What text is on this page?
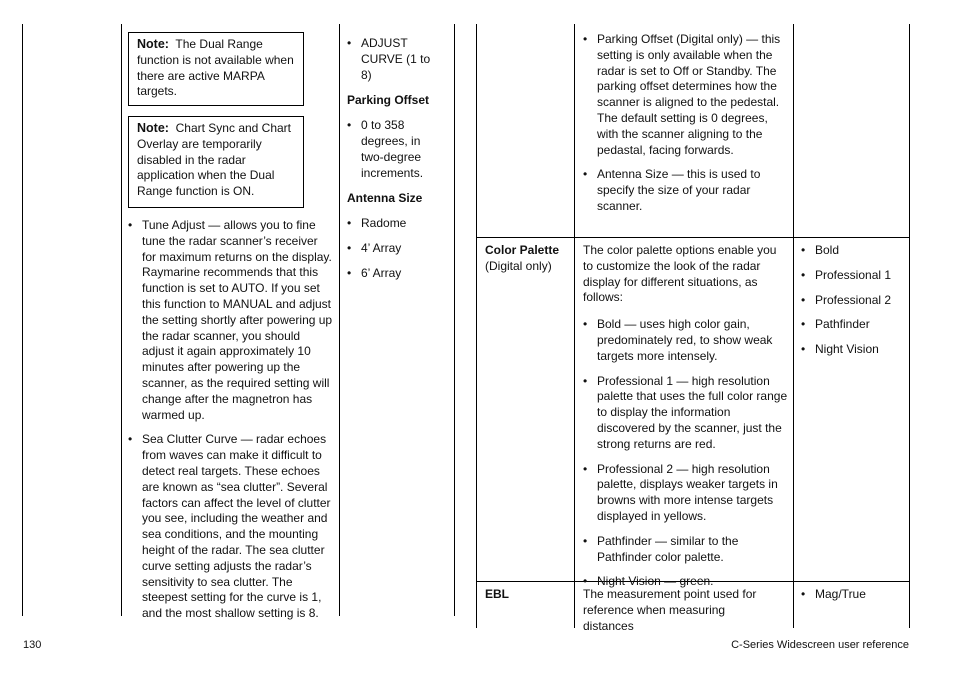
Note: The Dual Range function is not available when there are active MARPA targets.
Note: Chart Sync and Chart Overlay are temporarily disabled in the radar application when the Dual Range function is ON.
• Tune Adjust — allows you to fine tune the radar scanner’s receiver for maximum returns on the display. Raymarine recommends that this function is set to AUTO. If you set this function to MANUAL and adjust the setting shortly after powering up the radar scanner, you should adjust it again approximately 10 minutes after powering up the scanner, as the required setting will change after the magnetron has warmed up.
• Sea Clutter Curve — radar echoes from waves can make it difficult to detect real targets. These echoes are known as “sea clutter”. Several factors can affect the level of clutter you see, including the weather and sea conditions, and the mounting height of the radar. The sea clutter curve setting adjusts the radar’s sensitivity to sea clutter. The steepest setting for the curve is 1, and the most shallow setting is 8.
• ADJUST CURVE (1 to 8)
Parking Offset
• 0 to 358 degrees, in two-degree increments.
Antenna Size
• Radome
• 4’ Array
• 6’ Array
• Parking Offset (Digital only) — this setting is only available when the radar is set to Off or Standby. The parking offset determines how the scanner is aligned to the pedestal. The default setting is 0 degrees, with the scanner aligning to the pedastal, facing forwards.
• Antenna Size — this is used to specify the size of your radar scanner.
Color Palette
(Digital only)
The color palette options enable you to customize the look of the radar display for different situations, as follows:
• Bold — uses high color gain, predominately red, to show weak targets more intensely.
• Professional 1 — high resolution palette that uses the full color range to display the information discovered by the scanner, just the strong returns are red.
• Professional 2 — high resolution palette, displays weaker targets in browns with more intense targets displayed in yellows.
• Pathfinder — similar to the Pathfinder color palette.
• Night Vision — green.
• Bold
• Professional 1
• Professional 2
• Pathfinder
• Night Vision
EBL	The measurement point used for reference when measuring distances
• Mag/True
130	C-Series Widescreen user reference
